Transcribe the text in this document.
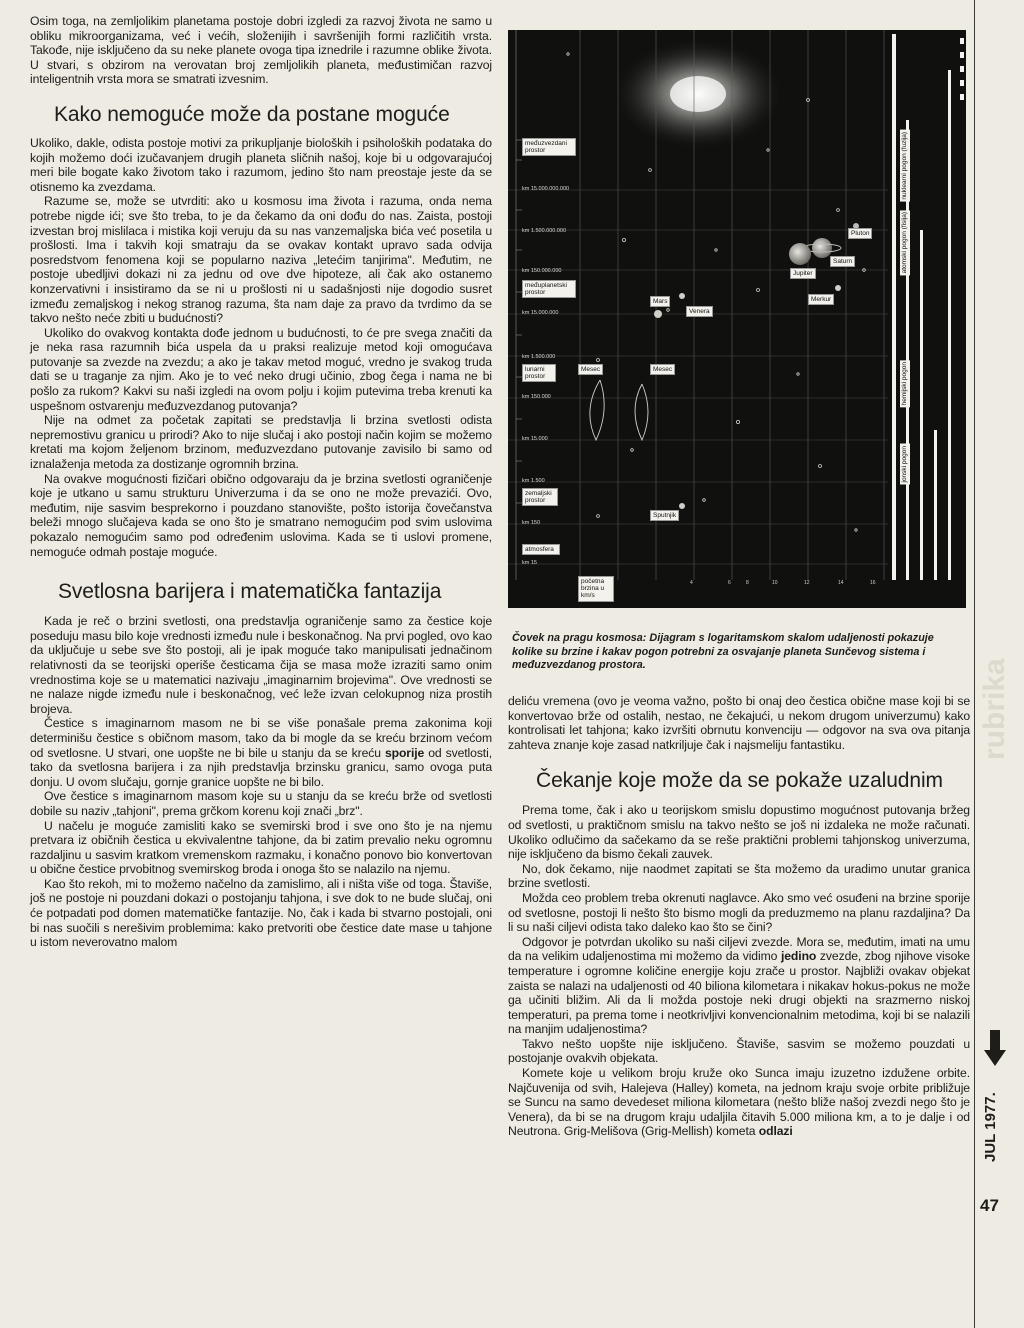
Osim toga, na zemljolikim planetama postoje dobri izgledi za razvoj života ne samo u obliku mikroorganizama, već i većih, složenijih i savršenijih formi različitih vrsta. Takođe, nije isključeno da su neke planete ovoga tipa iznedrile i razumne oblike života. U stvari, s obzirom na verovatan broj zemljolikih planeta, međustimičan razvoj inteligentnih vrsta mora se smatrati izvesnim.

Kako nemoguće može da postane moguće

Ukoliko, dakle, odista postoje motivi za prikupljanje bioloških i psiholoških podataka do kojih možemo doći izučavanjem drugih planeta sličnih našoj, koje bi u odgovarajućoj meri bile bogate kako životom tako i razumom, jedino što nam preostaje jeste da se otisnemo ka zvezdama.

Razume se, može se utvrditi: ako u kosmosu ima života i razuma, onda nema potrebe nigde ići; sve što treba, to je da čekamo da oni dođu do nas. Zaista, postoji izvestan broj mislilaca i mistika koji veruju da su nas vanzemaljska bića već posetila u prošlosti. Ima i takvih koji smatraju da se ovakav kontakt upravo sada odvija posredstvom fenomena koji se popularno naziva „letećim tanjirima". Međutim, ne postoje ubedljivi dokazi ni za jednu od ove dve hipoteze, ali čak ako ostanemo konzervativni i insistiramo da se ni u prošlosti ni u sadašnjosti nije dogodio susret između zemaljskog i nekog stranog razuma, šta nam daje za pravo da tvrdimo da se takvo nešto neće zbiti u budućnosti?

Ukoliko do ovakvog kontakta dođe jednom u budućnosti, to će pre svega značiti da je neka rasa razumnih bića uspela da u praksi realizuje metod koji omogućava putovanje sa zvezde na zvezdu; a ako je takav metod moguć, vredno je svakog truda dati se u traganje za njim. Ako je to već neko drugi učinio, zbog čega i nama ne bi pošlo za rukom? Kakvi su naši izgledi na ovom polju i kojim putevima treba krenuti ka uspešnom ostvarenju međuzvezdanog putovanja?

Nije na odmet za početak zapitati se predstavlja li brzina svetlosti odista nepremostivu granicu u prirodi? Ako to nije slučaj i ako postoji način kojim se možemo kretati ma kojom željenom brzinom, međuzvezdano putovanje zavisilo bi samo od iznalaženja metoda za dostizanje ogromnih brzina.

Na ovakve mogućnosti fizičari obično odgovaraju da je brzina svetlosti ograničenje koje je utkano u samu strukturu Univerzuma i da se ono ne može prevazići. Ovo, međutim, nije sasvim besprekorno i pouzdano stanovište, pošto istorija čovečanstva beleži mnogo slučajeva kada se ono što je smatrano nemogućim pod svim uslovima pokazalo nemogućim samo pod određenim uslovima. Kada se ti uslovi promene, nemoguće odmah postaje moguće.

Svetlosna barijera i matematička fantazija

Kada je reč o brzini svetlosti, ona predstavlja ograničenje samo za čestice koje poseduju masu bilo koje vrednosti između nule i beskonačnog. Na prvi pogled, ovo kao da uključuje u sebe sve što postoji, ali je ipak moguće tako manipulisati jednačinom relativnosti da se teorijski operiše česticama čija se masa može izraziti samo onim vrednostima koje se u matematici nazivaju „imaginarnim brojevima". Ove vrednosti se ne nalaze nigde između nule i beskonačnog, već leže izvan celokupnog niza prostih brojeva.

Čestice s imaginarnom masom ne bi se više ponašale prema zakonima koji determinišu čestice s običnom masom, tako da bi mogle da se kreću brzinom većom od svetlosne. U stvari, one uopšte ne bi bile u stanju da se kreću sporije od svetlosti, tako da svetlosna barijera i za njih predstavlja brzinsku granicu, samo ovoga puta donju. U ovom slučaju, gornje granice uopšte ne bi bilo.

Ove čestice s imaginarnom masom koje su u stanju da se kreću brže od svetlosti dobile su naziv „tahjoni", prema grčkom korenu koji znači „brz".

U načelu je moguće zamisliti kako se svemirski brod i sve ono što je na njemu pretvara iz običnih čestica u ekvivalentne tahjone, da bi zatim prevalio neku ogromnu razdaljinu u sasvim kratkom vremenskom razmaku, i konačno ponovo bio konvertovan u obične čestice prvobitnog svemirskog broda i onoga što se nalazilo na njemu.

Kao što rekoh, mi to možemo načelno da zamislimo, ali i ništa više od toga. Štaviše, još ne postoje ni pouzdani dokazi o postojanju tahjona, i sve dok to ne bude slučaj, oni će potpadati pod domen matematičke fantazije. No, čak i kada bi stvarno postojali, oni bi nas suočili s nerešivim problemima: kako pretvoriti obe čestice date mase u tahjone u istom neverovatno malom

međuzvezdani prostor
međuplanetski prostor
lunarni prostor
zemaljski prostor
atmosfera
km 15.000.000.000
km 1.500.000.000
km 150.000.000
km 15.000.000
km 1.500.000
km 150.000
km 15.000
km 1.500
km 150
km 15
Pluton
Saturn
Jupiter
Merkur
Mars
Venera
Mesec	Mesec
Sputnjik
nuklearni pogon (fuzija)
atomski pogon (fisija)
hemijski pogon
jonski pogon
početna brzina u km/s
4	6	8	10	12	14	16
Čovek na pragu kosmosa: Dijagram s logaritamskom skalom udaljenosti pokazuje kolike su brzine i kakav pogon potrebni za osvajanje planeta Sunčevog sistema i međuzvezdanog prostora.

deliću vremena (ovo je veoma važno, pošto bi onaj deo čestica obične mase koji bi se konvertovao brže od ostalih, nestao, ne čekajući, u nekom drugom univerzumu) kako kontrolisati let tahjona; kako izvršiti obrnutu konvenciju — odgovor na sva ova pitanja zahteva znanje koje zasad natkriljuje čak i najsmeliju fantastiku.

Čekanje koje može da se pokaže uzaludnim

Prema tome, čak i ako u teorijskom smislu dopustimo mogućnost putovanja bržeg od svetlosti, u praktičnom smislu na takvo nešto se još ni izdaleka ne može računati. Ukoliko odlučimo da sačekamo da se reše praktični problemi tahjonskog univerzuma, nije isključeno da bismo čekali zauvek.

No, dok čekamo, nije naodmet zapitati se šta možemo da uradimo unutar granica brzine svetlosti.

Možda ceo problem treba okrenuti naglavce. Ako smo već osuđeni na brzine sporije od svetlosne, postoji li nešto što bismo mogli da preduzmemo na planu razdaljina? Da li su naši ciljevi odista tako daleko kao što se čini?

Odgovor je potvrdan ukoliko su naši ciljevi zvezde. Mora se, međutim, imati na umu da na velikim udaljenostima mi možemo da vidimo jedino zvezde, zbog njihove visoke temperature i ogromne količine energije koju zrače u prostor. Najbliži ovakav objekat zaista se nalazi na udaljenosti od 40 biliona kilometara i nikakav hokus-pokus ne može ga učiniti bližim. Ali da li možda postoje neki drugi objekti na srazmerno niskoj temperaturi, pa prema tome i neotkrivljivi konvencionalnim metodima, koji bi se nalazili na manjim udaljenostima?

Takvo nešto uopšte nije isključeno. Štaviše, sasvim se možemo pouzdati u postojanje ovakvih objekata.

Komete koje u velikom broju kruže oko Sunca imaju izuzetno izdužene orbite. Najčuvenija od svih, Halejeva (Halley) kometa, na jednom kraju svoje orbite približuje se Suncu na samo devedeset miliona kilometara (nešto bliže našoj zvezdi nego što je Venera), da bi se na drugom kraju udaljila čitavih 5.000 miliona km, a to je dalje i od Neutrona. Grig-Melišova (Grig-Mellish) kometa odlazi

rubrika
JUL 1977.
47
